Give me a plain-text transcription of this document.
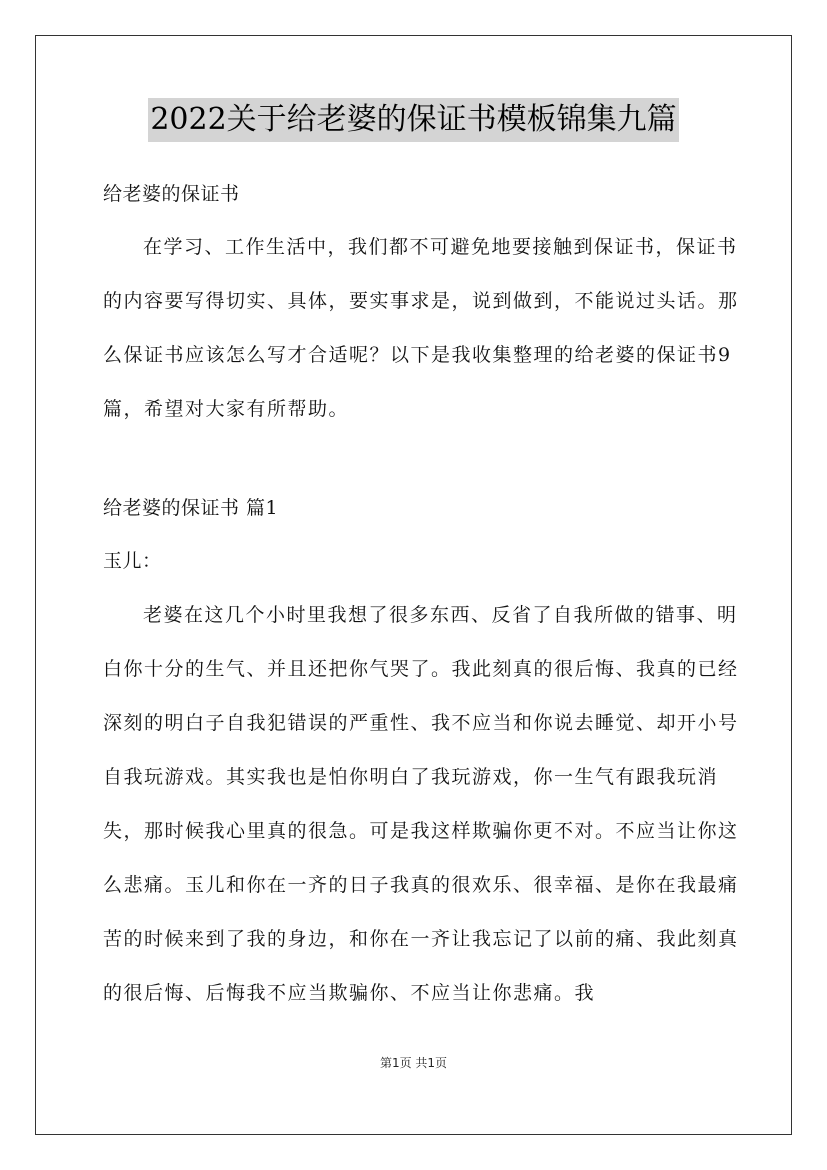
2022关于给老婆的保证书模板锦集九篇
给老婆的保证书

在学习、工作生活中，我们都不可避免地要接触到保证书，保证书的内容要写得切实、具体，要实事求是，说到做到，不能说过头话。那么保证书应该怎么写才合适呢？以下是我收集整理的给老婆的保证书9篇，希望对大家有所帮助。

给老婆的保证书 篇1
玉儿：

老婆在这几个小时里我想了很多东西、反省了自我所做的错事、明白你十分的生气、并且还把你气哭了。我此刻真的很后悔、我真的已经深刻的明白子自我犯错误的严重性、我不应当和你说去睡觉、却开小号自我玩游戏。其实我也是怕你明白了我玩游戏，你一生气有跟我玩消失，那时候我心里真的很急。可是我这样欺骗你更不对。不应当让你这么悲痛。玉儿和你在一齐的日子我真的很欢乐、很幸福、是你在我最痛苦的时候来到了我的身边，和你在一齐让我忘记了以前的痛、我此刻真的很后悔、后悔我不应当欺骗你、不应当让你悲痛。我

第1页 共1页
